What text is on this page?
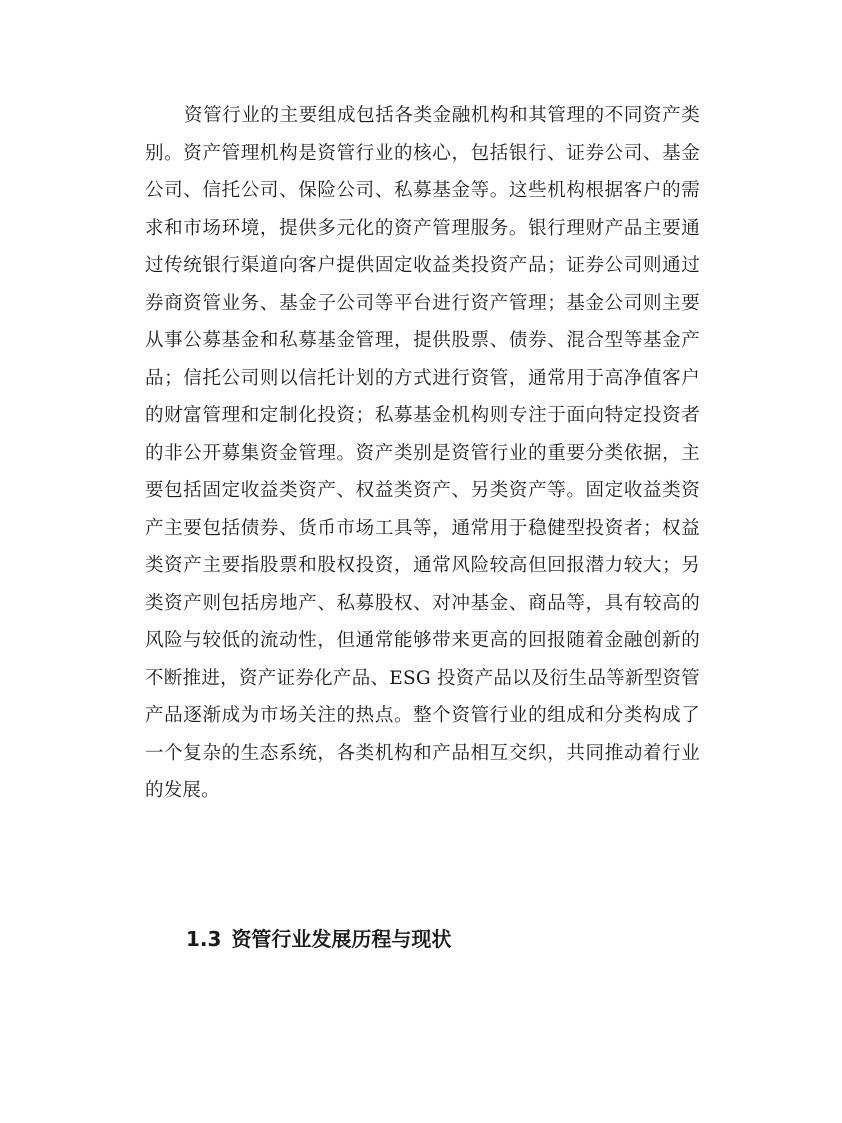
资管行业的主要组成包括各类金融机构和其管理的不同资产类别。资产管理机构是资管行业的核心，包括银行、证券公司、基金公司、信托公司、保险公司、私募基金等。这些机构根据客户的需求和市场环境，提供多元化的资产管理服务。银行理财产品主要通过传统银行渠道向客户提供固定收益类投资产品；证券公司则通过券商资管业务、基金子公司等平台进行资产管理；基金公司则主要从事公募基金和私募基金管理，提供股票、债券、混合型等基金产品；信托公司则以信托计划的方式进行资管，通常用于高净值客户的财富管理和定制化投资；私募基金机构则专注于面向特定投资者的非公开募集资金管理。资产类别是资管行业的重要分类依据，主要包括固定收益类资产、权益类资产、另类资产等。固定收益类资产主要包括债券、货币市场工具等，通常用于稳健型投资者；权益类资产主要指股票和股权投资，通常风险较高但回报潜力较大；另类资产则包括房地产、私募股权、对冲基金、商品等，具有较高的风险与较低的流动性，但通常能够带来更高的回报随着金融创新的不断推进，资产证券化产品、ESG 投资产品以及衍生品等新型资管产品逐渐成为市场关注的热点。整个资管行业的组成和分类构成了一个复杂的生态系统，各类机构和产品相互交织，共同推动着行业的发展。

1.3 资管行业发展历程与现状
